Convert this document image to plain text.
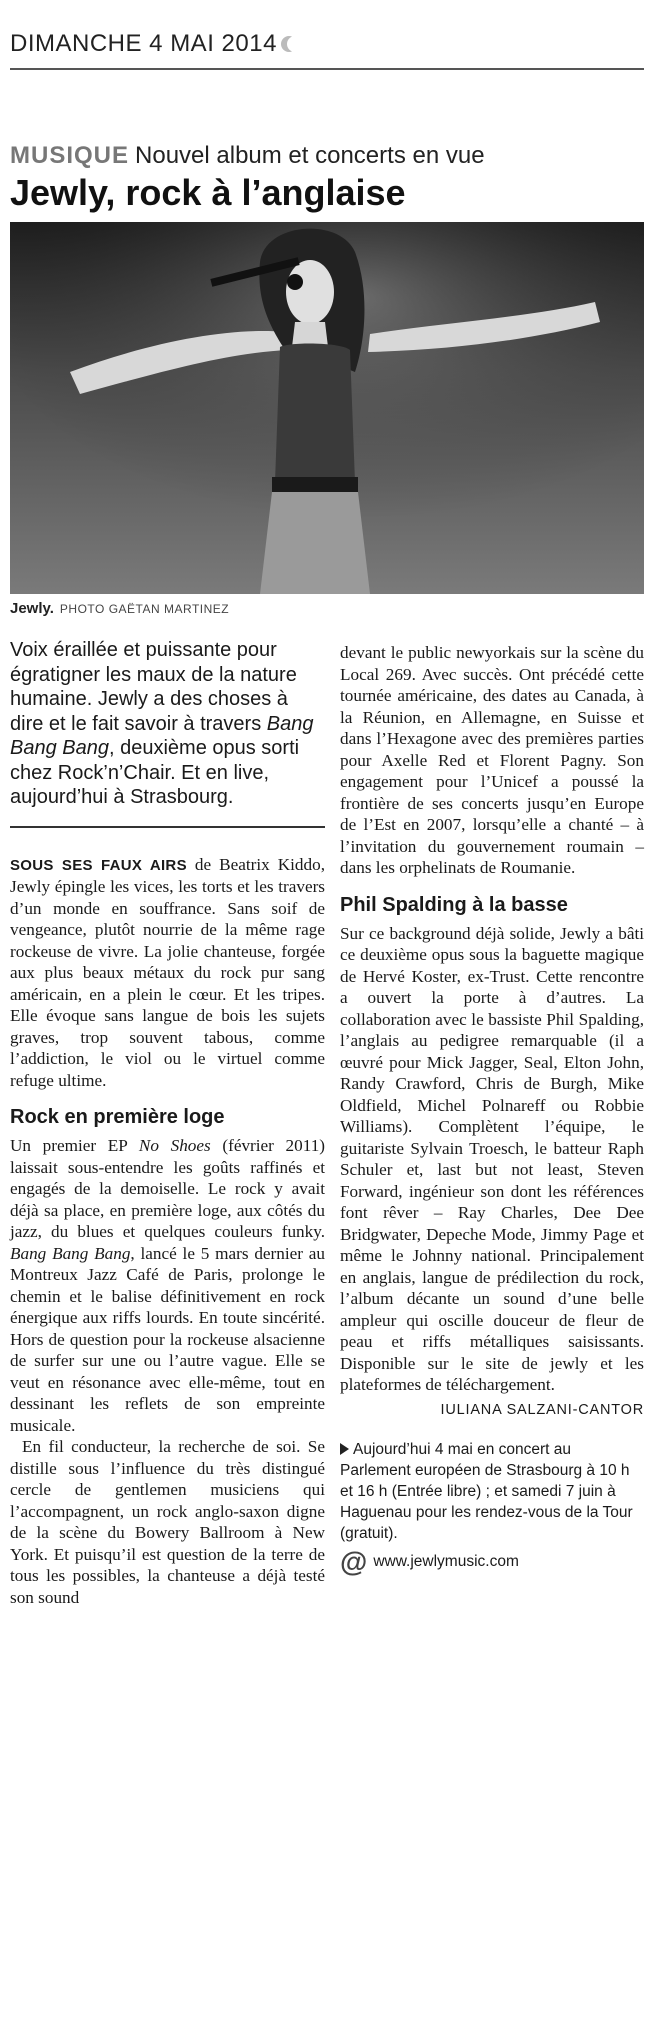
DIMANCHE 4 MAI 2014
MUSIQUE Nouvel album et concerts en vue
Jewly, rock à l’anglaise
Jewly. PHOTO GAËTAN MARTINEZ
Voix éraillée et puissante pour égratigner les maux de la nature humaine. Jewly a des choses à dire et le fait savoir à travers Bang Bang Bang, deuxième opus sorti chez Rock’n’Chair. Et en live, aujourd’hui à Strasbourg.

SOUS SES FAUX AIRS de Beatrix Kiddo, Jewly épingle les vices, les torts et les travers d’un monde en souffrance. Sans soif de vengeance, plutôt nourrie de la même rage rockeuse de vivre. La jolie chanteuse, forgée aux plus beaux métaux du rock pur sang américain, en a plein le cœur. Et les tripes. Elle évoque sans langue de bois les sujets graves, trop souvent tabous, comme l’addiction, le viol ou le virtuel comme refuge ultime.

Rock en première loge

Un premier EP No Shoes (février 2011) laissait sous-entendre les goûts raffinés et engagés de la demoiselle. Le rock y avait déjà sa place, en première loge, aux côtés du jazz, du blues et quelques couleurs funky. Bang Bang Bang, lancé le 5 mars dernier au Montreux Jazz Café de Paris, prolonge le chemin et le balise définitivement en rock énergique aux riffs lourds. En toute sincérité. Hors de question pour la rockeuse alsacienne de surfer sur une ou l’autre vague. Elle se veut en résonance avec elle-même, tout en dessinant les reflets de son empreinte musicale.

En fil conducteur, la recherche de soi. Se distille sous l’influence du très distingué cercle de gentlemen musiciens qui l’accompagnent, un rock anglo-saxon digne de la scène du Bowery Ballroom à New York. Et puisqu’il est question de la terre de tous les possibles, la chanteuse a déjà testé son sound

devant le public newyorkais sur la scène du Local 269. Avec succès. Ont précédé cette tournée américaine, des dates au Canada, à la Réunion, en Allemagne, en Suisse et dans l’Hexagone avec des premières parties pour Axelle Red et Florent Pagny. Son engagement pour l’Unicef a poussé la frontière de ses concerts jusqu’en Europe de l’Est en 2007, lorsqu’elle a chanté – à l’invitation du gouvernement roumain – dans les orphelinats de Roumanie.

Phil Spalding à la basse

Sur ce background déjà solide, Jewly a bâti ce deuxième opus sous la baguette magique de Hervé Koster, ex-Trust. Cette rencontre a ouvert la porte à d’autres. La collaboration avec le bassiste Phil Spalding, l’anglais au pedigree remarquable (il a œuvré pour Mick Jagger, Seal, Elton John, Randy Crawford, Chris de Burgh, Mike Oldfield, Michel Polnareff ou Robbie Williams). Complètent l’équipe, le guitariste Sylvain Troesch, le batteur Raph Schuler et, last but not least, Steven Forward, ingénieur son dont les références font rêver – Ray Charles, Dee Dee Bridgwater, Depeche Mode, Jimmy Page et même le Johnny national. Principalement en anglais, langue de prédilection du rock, l’album décante un sound d’une belle ampleur qui oscille douceur de fleur de peau et riffs métalliques saisissants. Disponible sur le site de jewly et les plateformes de téléchargement.

IULIANA SALZANI-CANTOR
Aujourd’hui 4 mai en concert au Parlement européen de Strasbourg à 10 h et 16 h (Entrée libre) ; et samedi 7 juin à Haguenau pour les rendez-vous de la Tour (gratuit).
@ www.jewlymusic.com
